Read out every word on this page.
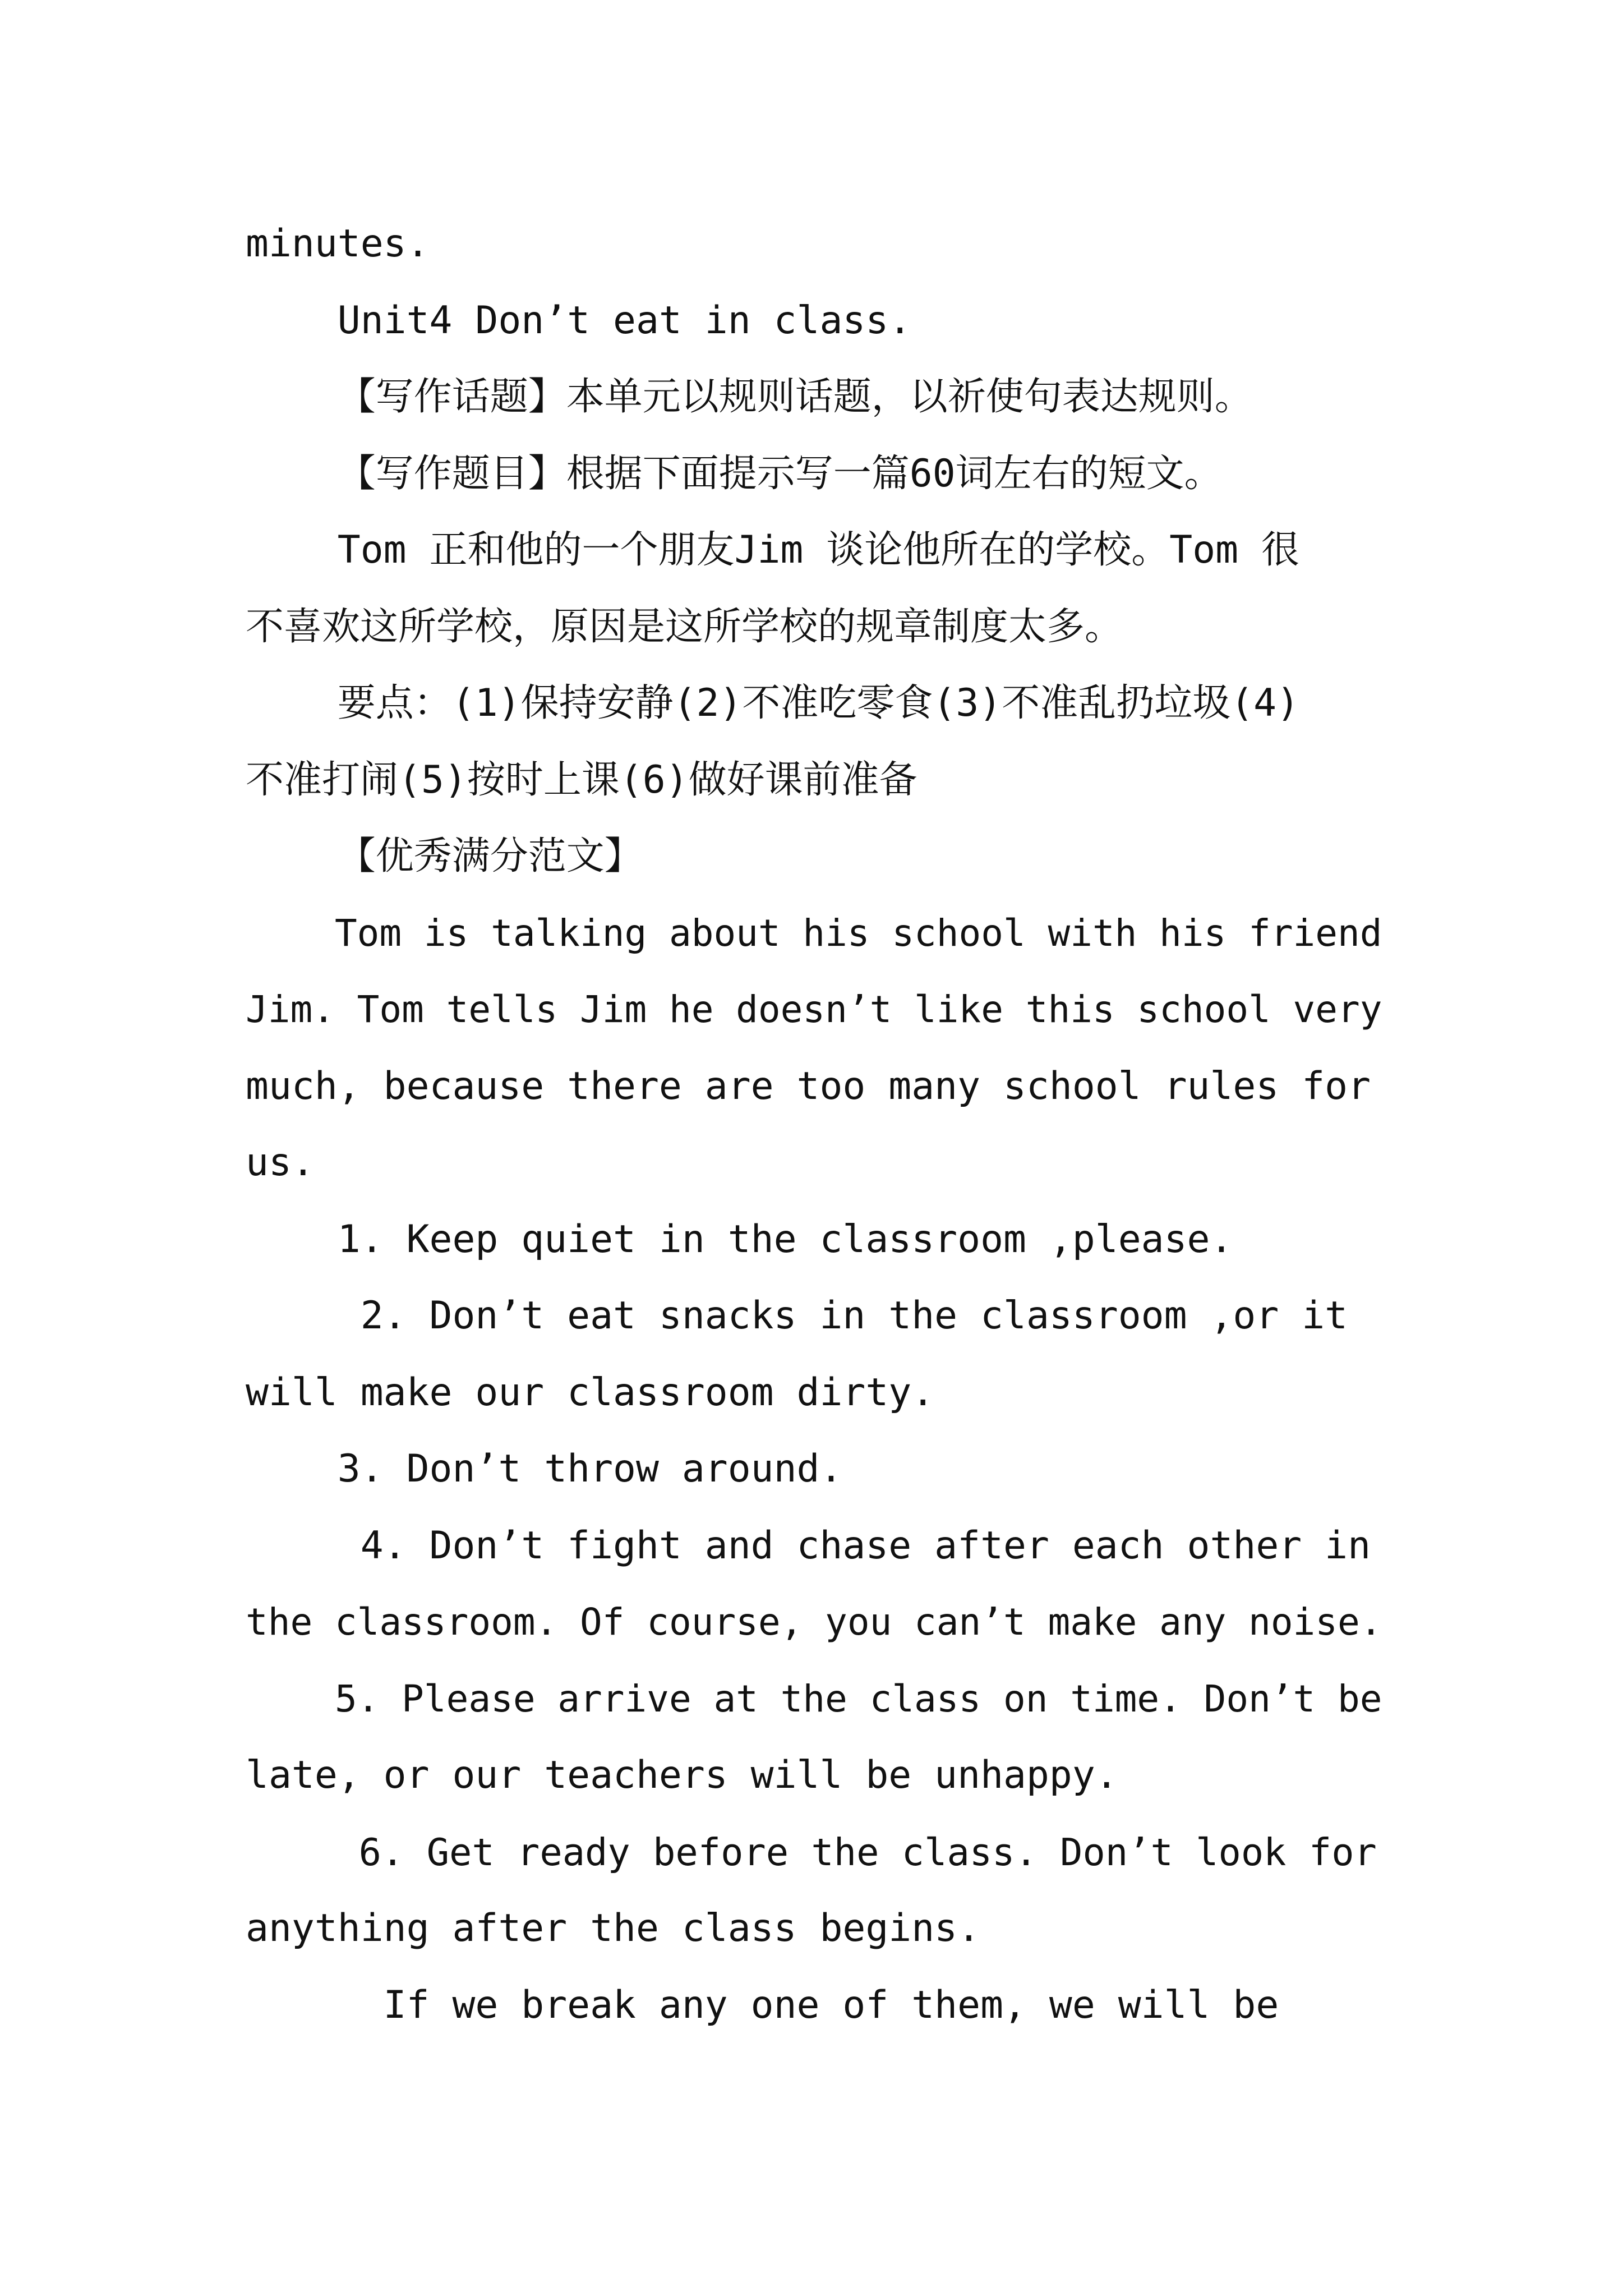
minutes.
Unit4 Don’t eat in class.
【写作话题】本单元以规则话题，以祈使句表达规则。
【写作题目】根据下面提示写一篇60词左右的短文。
Tom 正和他的一个朋友Jim 谈论他所在的学校。Tom 很
不喜欢这所学校，原因是这所学校的规章制度太多。
要点：(1)保持安静(2)不准吃零食(3)不准乱扔垃圾(4)
不准打闹(5)按时上课(6)做好课前准备
【优秀满分范文】
Tom is talking about his school with his friend
Jim. Tom tells Jim he doesn’t like this school very
much, because there are too many school rules for
us.
1. Keep quiet in the classroom ,please.
2. Don’t eat snacks in the classroom ,or it
will make our classroom dirty.
3. Don’t throw around.
4. Don’t fight and chase after each other in
the classroom. Of course, you can’t make any noise.
5. Please arrive at the class on time. Don’t be
late, or our teachers will be unhappy.
6. Get ready before the class. Don’t look for
anything after the class begins.
If we break any one of them, we will be
